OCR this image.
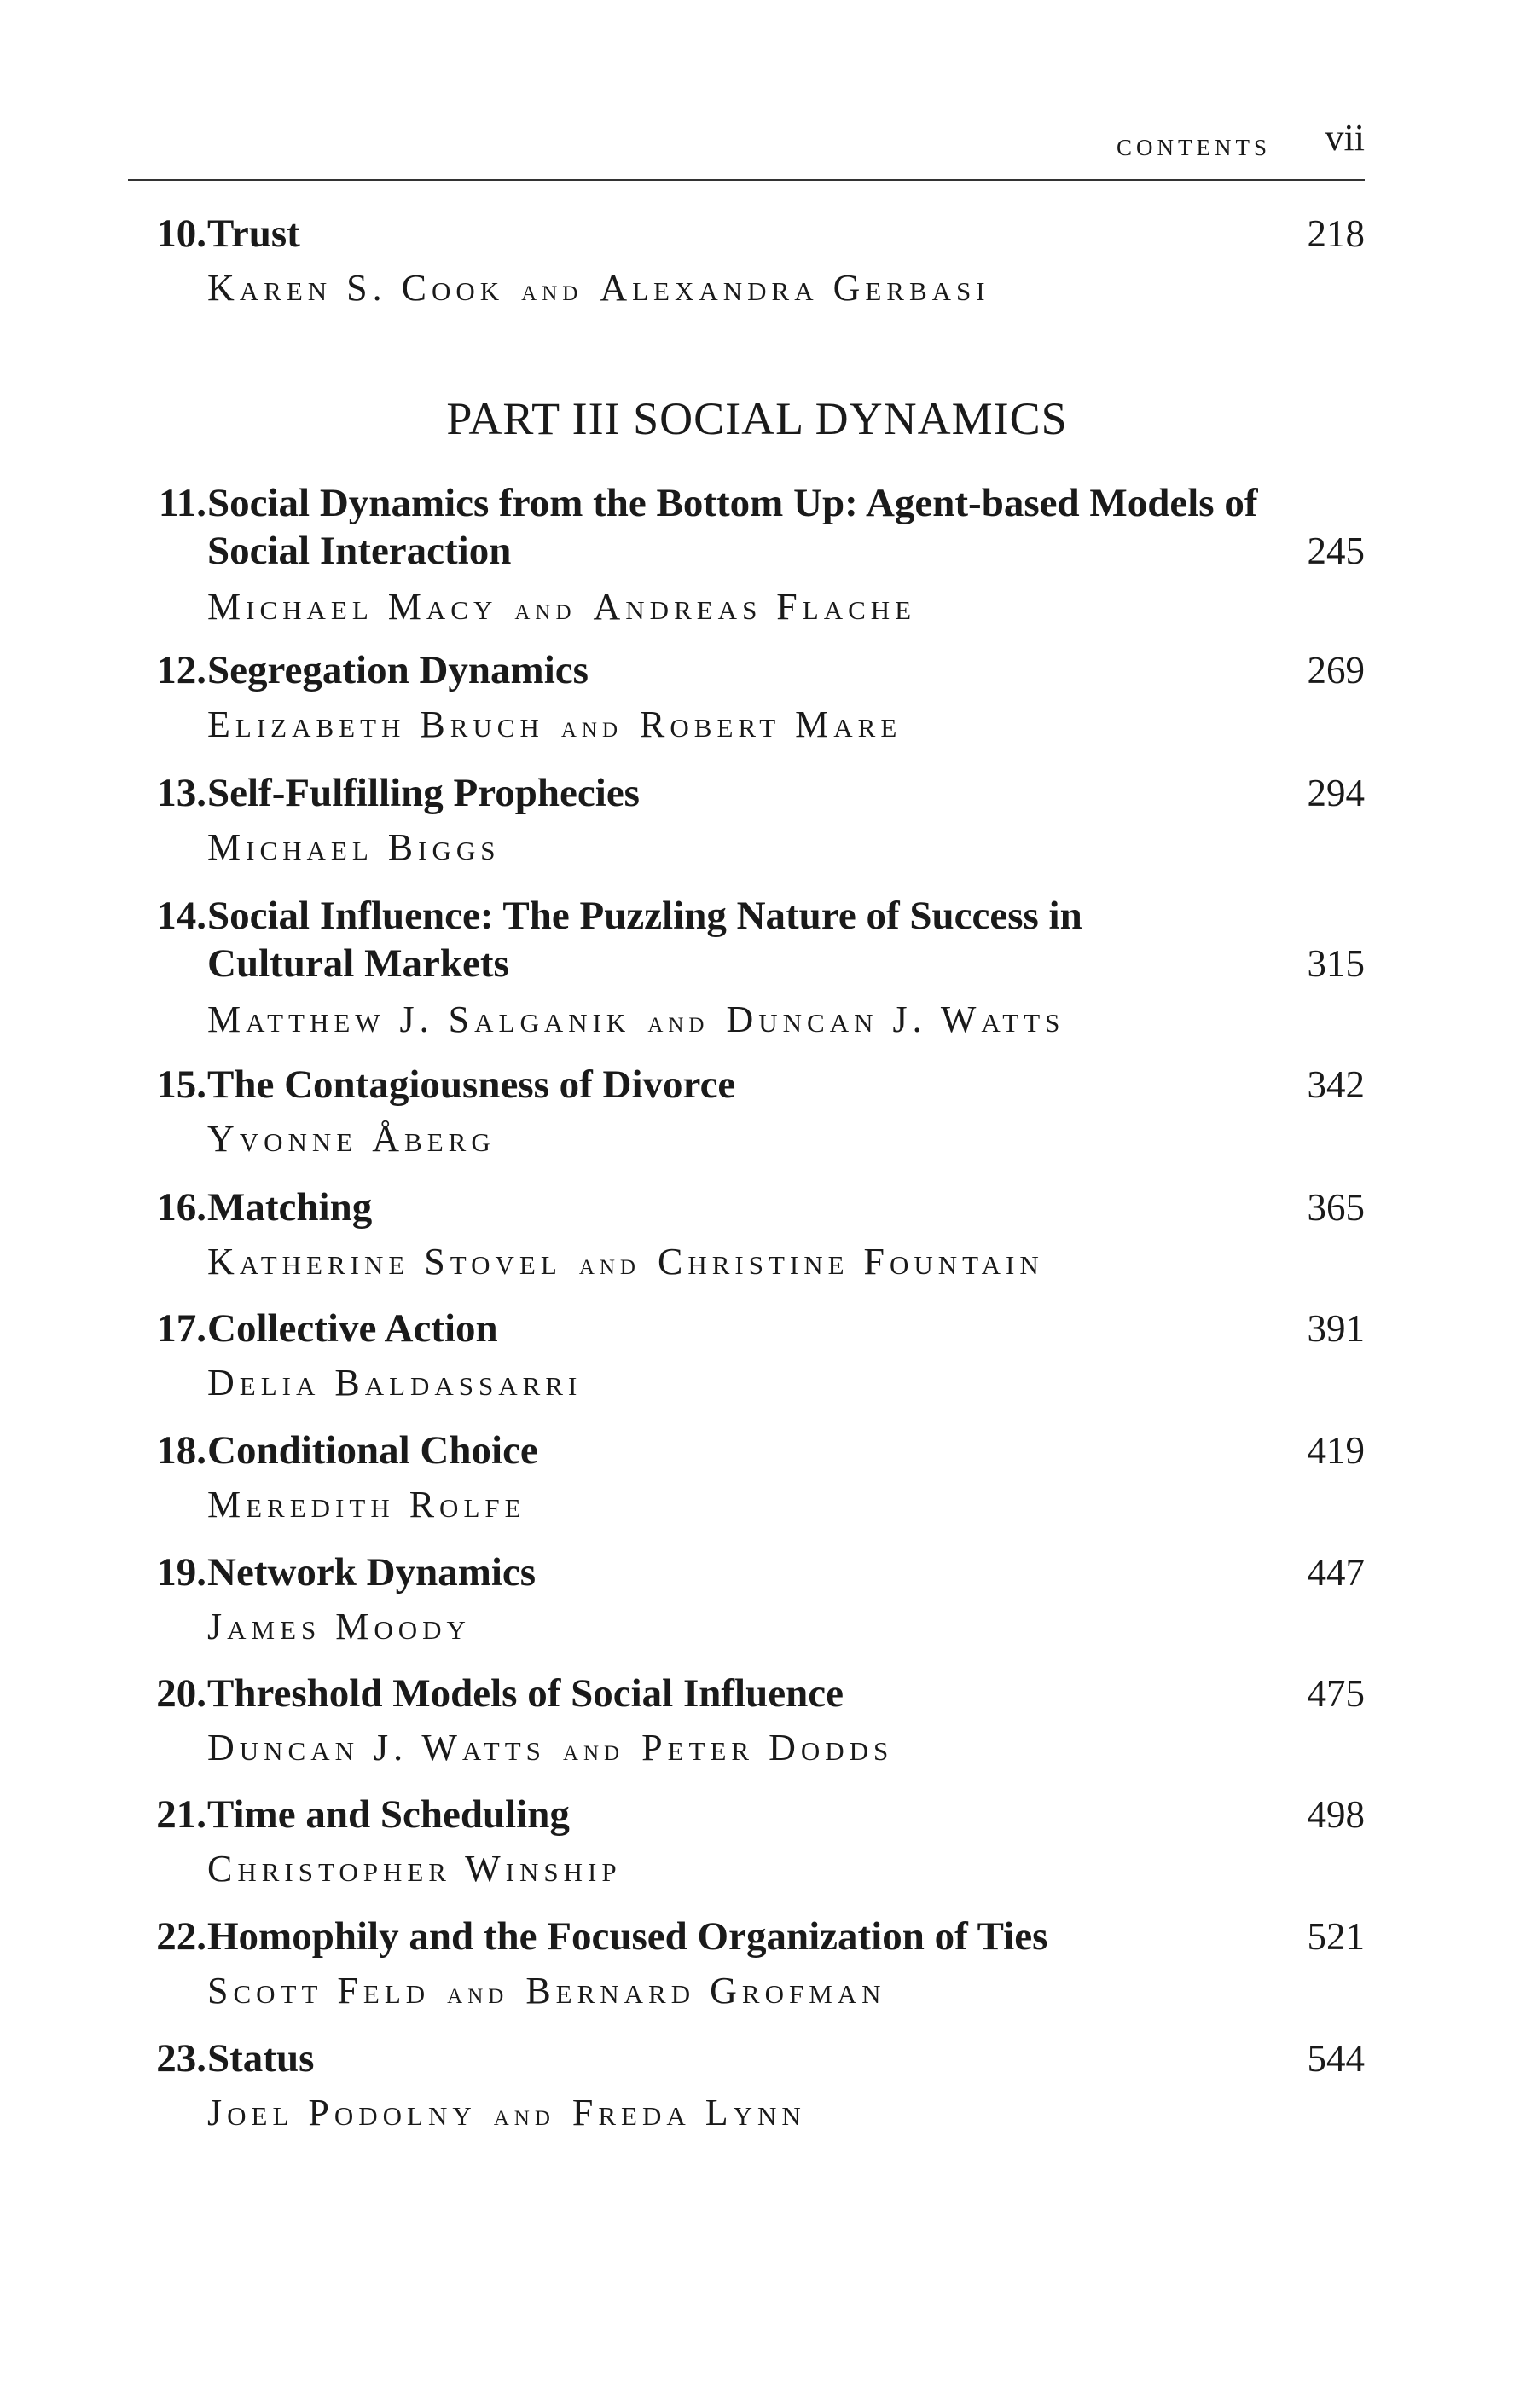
contents vii
10. Trust	218
Karen S. Cook and Alexandra Gerbasi
PART III SOCIAL DYNAMICS
11. Social Dynamics from the Bottom Up: Agent-based Models of Social Interaction	245
Michael Macy and Andreas Flache
12. Segregation Dynamics	269
Elizabeth Bruch and Robert Mare
13. Self-Fulfilling Prophecies	294
Michael Biggs
14. Social Influence: The Puzzling Nature of Success in Cultural Markets	315
Matthew J. Salganik and Duncan J. Watts
15. The Contagiousness of Divorce	342
Yvonne Åberg
16. Matching	365
Katherine Stovel and Christine Fountain
17. Collective Action	391
Delia Baldassarri
18. Conditional Choice	419
Meredith Rolfe
19. Network Dynamics	447
James Moody
20. Threshold Models of Social Influence	475
Duncan J. Watts and Peter Dodds
21. Time and Scheduling	498
Christopher Winship
22. Homophily and the Focused Organization of Ties	521
Scott Feld and Bernard Grofman
23. Status	544
Joel Podolny and Freda Lynn
